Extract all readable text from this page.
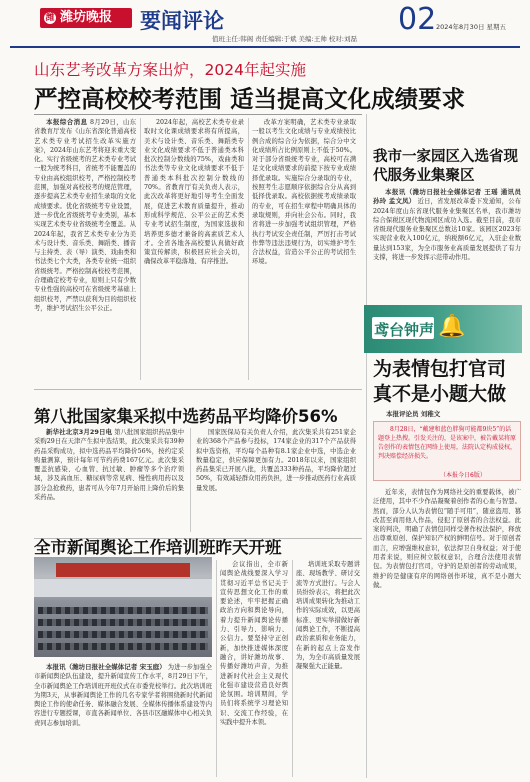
潍 潍坊晚报	要闻评论	02 2024年8月30日 星期五
值班主任:韩阁 责任编辑:于斌 美编:王帅 校对:刘磊
山东艺考改革方案出炉，2024年起实施
严控高校校考范围 适当提高文化成绩要求
本报综合消息 8月29日，山东省教育厅发布《山东省深化普通高校艺术类专业考试招生改革实施方案》，2024年山东艺考将迎来重大变化。实行省级统考的艺术类专业考试一般为统考科目，省统考不能覆盖的专业由高校组织校考，严格控制校考范围，加强对高校校考的规范管理，逐步提高艺术类专业招生录取的文化成绩要求。优化省级统考专业设置，进一步优化省级统考专业类别，基本实现艺术类专业省级统考全覆盖。从2024年起，我省艺术类专业分为美术与设计类、音乐类、舞蹈类、播音与主持类、表（导）演类、戏曲类和书法类七个大类，各类专业统一组织省级统考。严格控制高校校考范围，合理确定校考专业，原则上只有少数专业性强的高校可在省级统考基础上组织校考，严禁以获利为目的组织校考，维护考试招生公平公正。
2024年起，高校艺术类专业录取时文化课成绩要求将有所提高，美术与设计类、音乐类、舞蹈类专业文化成绩要求不低于普通类本科批次控制分数线的75%，戏曲类和书法类等专业文化成绩要求不低于普通类本科批次控制分数线的70%。省教育厅有关负责人表示，此次改革将更好地引导考生全面发展，促进艺术教育质量提升，推动形成科学规范、公平公正的艺术类专业考试招生制度，为国家选拔和培养更多德才兼备的高素质艺术人才。全省各地各高校要认真做好政策宣传解读，积极回应社会关切，确保改革平稳落地、有序推进。
改革方案明确，艺术类专业录取一般以考生文化成绩与专业成绩按比例合成的综合分为依据，综合分中文化成绩所占比例原则上不低于50%。对于部分省级统考专业，高校可在满足文化成绩要求的前提下按专业成绩择优录取。实施综合分录取的专业，按照考生志愿顺序依据综合分从高到低择优录取。高校依据统考成绩录取的专业，可在招生章程中明确具体的录取规则，并向社会公布。同时，我省将进一步加强考试组织管理，严格执行考试安全责任制，严厉打击考试作弊等违法违规行为，切实维护考生合法权益，营造公平公正的考试招生环境。
第八批国家集采拟中选药品平均降价56%
新华社北京3月29日电 第八批国家组织药品集中采购29日在天津产生拟中选结果，此次集采共有39种药品采购成功，拟中选药品平均降价56%，按约定采购量测算，预计每年可节约药费167亿元。此次集采覆盖抗感染、心血管、抗过敏、肿瘤等多个治疗领域，涉及高血压、糖尿病等常见病、慢性病用药以及部分急抢救药，患者可从今年7月开始用上降价后的集采药品。
国家医保局有关负责人介绍，此次集采共有251家企业的368个产品参与投标，174家企业的317个产品获得拟中选资格，平均每个品种有8.1家企业中选，中选企业数量稳定，供应保障更加有力。2018年以来，国家组织药品集采已开展八批，共覆盖333种药品，平均降价超过50%，有效减轻群众用药负担，进一步推动医药行业高质量发展。
全市新闻舆论工作培训班昨天开班
本报讯（潍坊日报社全媒体记者 宋玉庭） 为进一步加强全市新闻舆论队伍建设，提升新闻宣传工作水平，8月29日下午，全市新闻舆论工作培训班开班仪式在市委党校举行。此次培训班为期3天，从事新闻舆论工作的几名专家学者将围绕新时代新闻舆论工作的使命任务、媒体融合发展、全媒体传播体系建设等内容进行专题授课，市直各新闻单位、各县市区融媒体中心相关负责同志参加培训。
会议指出，全市新闻舆论战线要深入学习贯彻习近平总书记关于宣传思想文化工作的重要论述，牢牢把握正确政治方向和舆论导向，着力提升新闻舆论传播力、引导力、影响力、公信力。要坚持守正创新，加快推进媒体深度融合，讲好潍坊故事、传播好潍坊声音，为推进新时代社会主义现代化强市建设营造良好舆论氛围。培训期间，学员们将系统学习理论知识、交流工作经验，在实践中提升本领。
培训班采取专题讲座、现场教学、研讨交流等方式进行。与会人员纷纷表示，将把此次培训成果转化为推动工作的实际成效，以更高标准、更实举措做好新闻舆论工作，不断提高政治素质和业务能力，在新的起点上奋发作为，为全市高质量发展凝聚强大正能量。
我市一家园区入选省现代服务业集聚区
本报讯（潍坊日报社全媒体记者 王瑶 通讯员 孙玲 孟文凤） 近日，省发展改革委下发通知，公布2024年度山东省现代服务业集聚区名单，我市潍坊综合保税区现代物流园区成功入选。截至目前，我市省级现代服务业集聚区总数达10家。该园区2023年实现营业收入100亿元，纳税额6亿元，入驻企业数量达到153家，为全市服务业高质量发展提供了有力支撑，将进一步发挥示范带动作用。
鸢台钟声 🔔
为表情包打官司真不是小题大做
本报评论员 刘稚文
8月28日，“戴建和蓝色胖狗可能都9块5”的话题登上热搜。引发关注的，是该案中，被告戴某将原告创作的表情包在网络上使用，法院认定构成侵权，判决赔偿经济损失。
（本报今日6版）
近年来，表情包作为网络社交的重要载体，被广泛使用，其中不少作品凝聚着创作者的心血与智慧。然而，部分人认为表情包“随手可用”，随意盗用、篡改甚至商用他人作品，侵犯了原创者的合法权益。此案的判决，明确了表情包同样受著作权法保护，释放出尊重原创、保护知识产权的鲜明信号。对于原创者而言，应增强维权意识，依法捍卫自身权益；对于使用者来说，则应树立版权意识，合理合法使用表情包。为表情包打官司，守护的是原创者的劳动成果，维护的是健康有序的网络创作环境，真不是小题大做。
